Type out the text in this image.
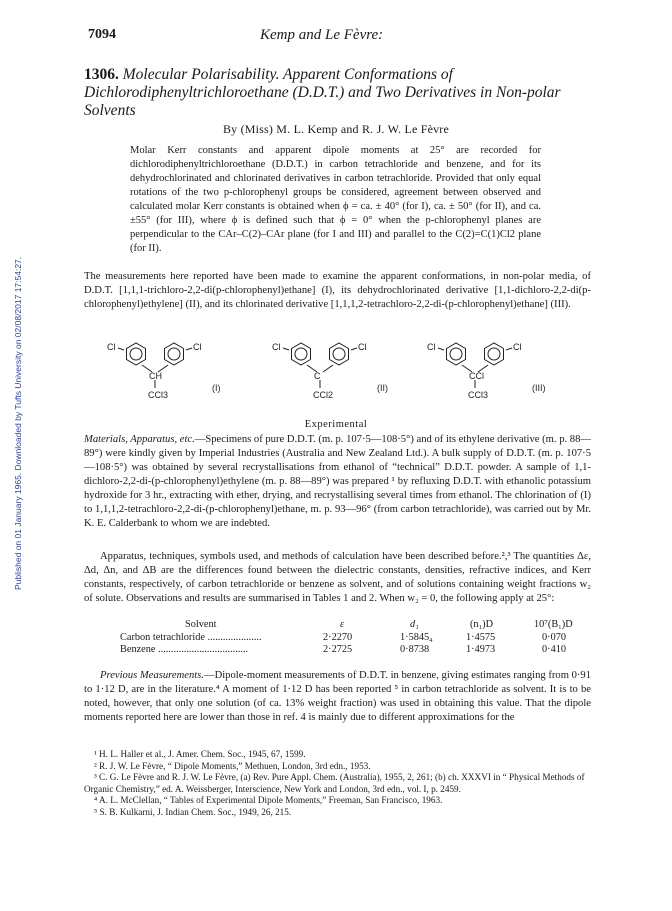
Published on 01 January 1965. Downloaded by Tufts University on 02/08/2017 17:54:27.
7094	Kemp and Le Fèvre:
1306. Molecular Polarisability. Apparent Conformations of Dichlorodiphenyltrichloroethane (D.D.T.) and Two Derivatives in Non-polar Solvents
By (Miss) M. L. Kemp and R. J. W. Le Fèvre
Molar Kerr constants and apparent dipole moments at 25° are recorded for dichlorodiphenyltrichloroethane (D.D.T.) in carbon tetrachloride and benzene, and for its dehydrochlorinated and chlorinated derivatives in carbon tetrachloride. Provided that only equal rotations of the two p-chlorophenyl groups be considered, agreement between observed and calculated molar Kerr constants is obtained when ϕ = ca. ± 40° (for I), ca. ± 50° (for II), and ca. ±55° (for III), where ϕ is defined such that ϕ = 0° when the p-chlorophenyl planes are perpendicular to the CAr–C(2)–CAr plane (for I and III) and parallel to the C(2)=C(1)Cl2 plane (for II).
The measurements here reported have been made to examine the apparent conformations, in non-polar media, of D.D.T. [1,1,1-trichloro-2,2-di(p-chlorophenyl)ethane] (I), its dehydrochlorinated derivative [1,1-dichloro-2,2-di(p-chlorophenyl)ethylene] (II), and its chlorinated derivative [1,1,1,2-tetrachloro-2,2-di-(p-chlorophenyl)ethane] (III).
Cl	Cl
CH
CCl3
(I)
Cl	Cl
C
CCl2
(II)
Cl	Cl
CCl
CCl3
(III)
Experimental
Materials, Apparatus, etc.—Specimens of pure D.D.T. (m. p. 107·5—108·5°) and of its ethylene derivative (m. p. 88—89°) were kindly given by Imperial Industries (Australia and New Zealand Ltd.). A bulk supply of D.D.T. (m. p. 107·5—108·5°) was obtained by several recrystallisations from ethanol of “technical” D.D.T. powder. A sample of 1,1-dichloro-2,2-di-(p-chlorophenyl)ethylene (m. p. 88—89°) was prepared ¹ by refluxing D.D.T. with ethanolic potassium hydroxide for 3 hr., extracting with ether, drying, and recrystallising several times from ethanol. The chlorination of (I) to 1,1,1,2-tetrachloro-2,2-di-(p-chlorophenyl)ethane, m. p. 93—96° (from carbon tetrachloride), was carried out by Mr. K. E. Calderbank to whom we are indebted.
Apparatus, techniques, symbols used, and methods of calculation have been described before.²,³ The quantities Δε, Δd, Δn, and ΔB are the differences found between the dielectric constants, densities, refractive indices, and Kerr constants, respectively, of carbon tetrachloride or benzene as solvent, and of solutions containing weight fractions w₂ of solute. Observations and results are summarised in Tables 1 and 2. When w₂ = 0, the following apply at 25°:
Solvent	ε	d₁	(n₁)D	10⁷(B₁)D
Carbon tetrachloride .....................	2·2270	1·5845₄	1·4575	0·070
Benzene ...................................	2·2725	0·8738	1·4973	0·410
Previous Measurements.—Dipole-moment measurements of D.D.T. in benzene, giving estimates ranging from 0·91 to 1·12 D, are in the literature.⁴ A moment of 1·12 D has been reported ⁵ in carbon tetrachloride as solvent. It is to be noted, however, that only one solution (of ca. 13% weight fraction) was used in obtaining this value. That the dipole moments reported here are lower than those in ref. 4 is mainly due to different approximations for the
¹ H. L. Haller et al., J. Amer. Chem. Soc., 1945, 67, 1599.
² R. J. W. Le Fèvre, “ Dipole Moments,” Methuen, London, 3rd edn., 1953.
³ C. G. Le Fèvre and R. J. W. Le Fèvre, (a) Rev. Pure Appl. Chem. (Australia), 1955, 2, 261; (b) ch. XXXVI in “ Physical Methods of Organic Chemistry,” ed. A. Weissberger, Interscience, New York and London, 3rd edn., vol. I, p. 2459.
⁴ A. L. McClellan, “ Tables of Experimental Dipole Moments,” Freeman, San Francisco, 1963.
⁵ S. B. Kulkarni, J. Indian Chem. Soc., 1949, 26, 215.
